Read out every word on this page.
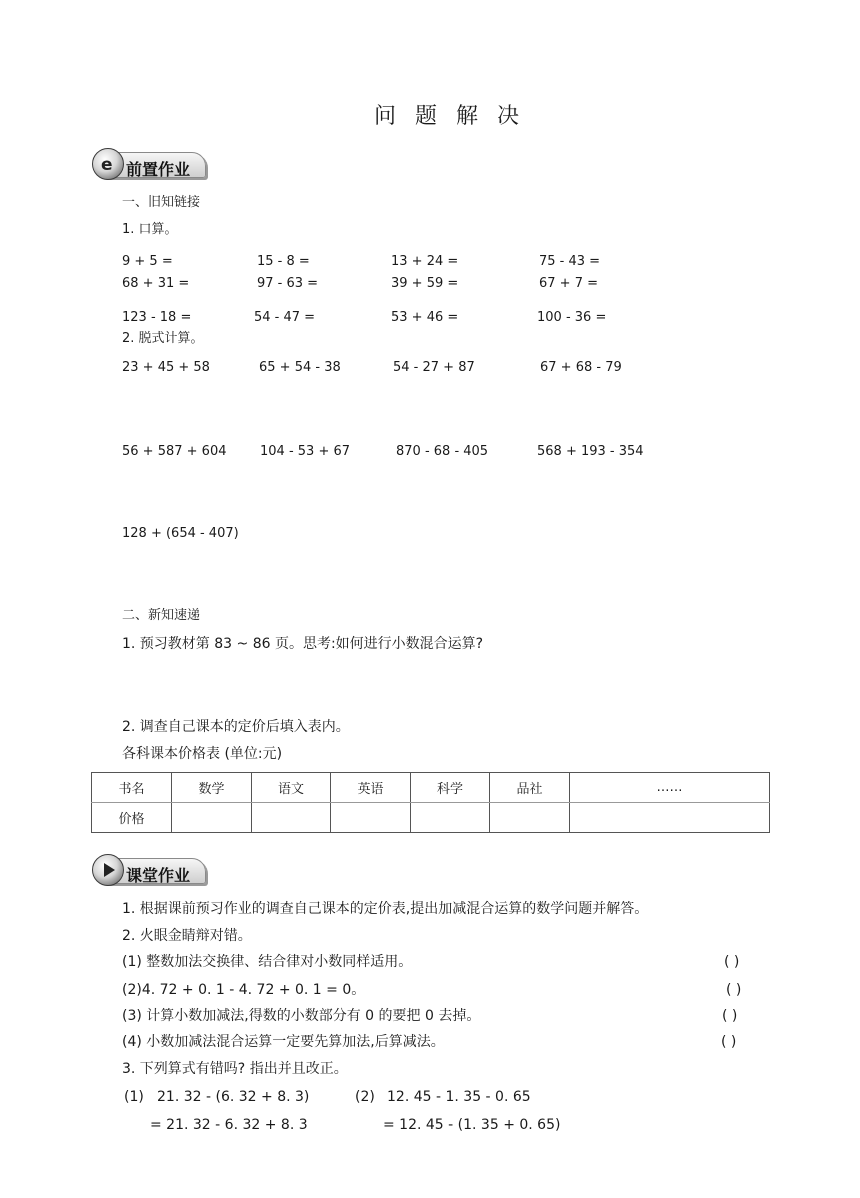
问 题 解 决
e 前置作业
一、旧知链接
1. 口算。
9 + 5 =	15 - 8 =	13 + 24 =	75 - 43 =
68 + 31 =	97 - 63 =	39 + 59 =	67 + 7 =
123 - 18 =	54 - 47 =	53 + 46 =	100 - 36 =
2. 脱式计算。
23 + 45 + 58	65 + 54 - 38	54 - 27 + 87	67 + 68 - 79
56 + 587 + 604	104 - 53 + 67	870 - 68 - 405	568 + 193 - 354
128 + (654 - 407)
二、新知速递
1. 预习教材第 83 ~ 86 页。思考:如何进行小数混合运算?
2. 调查自己课本的定价后填入表内。
各科课本价格表 (单位:元)
书名	数学	语文	英语	科学	品社	……
价格						
课堂作业
1. 根据课前预习作业的调查自己课本的定价表,提出加减混合运算的数学问题并解答。
2. 火眼金睛辩对错。
(1) 整数加法交换律、结合律对小数同样适用。	( )
(2)4. 72 + 0. 1 - 4. 72 + 0. 1 = 0。	( )
(3) 计算小数加减法,得数的小数部分有 0 的要把 0 去掉。	( )
(4) 小数加减法混合运算一定要先算加法,后算减法。	( )
3. 下列算式有错吗? 指出并且改正。
(1) 21. 32 - (6. 32 + 8. 3)
= 21. 32 - 6. 32 + 8. 3
(2) 12. 45 - 1. 35 - 0. 65
= 12. 45 - (1. 35 + 0. 65)
